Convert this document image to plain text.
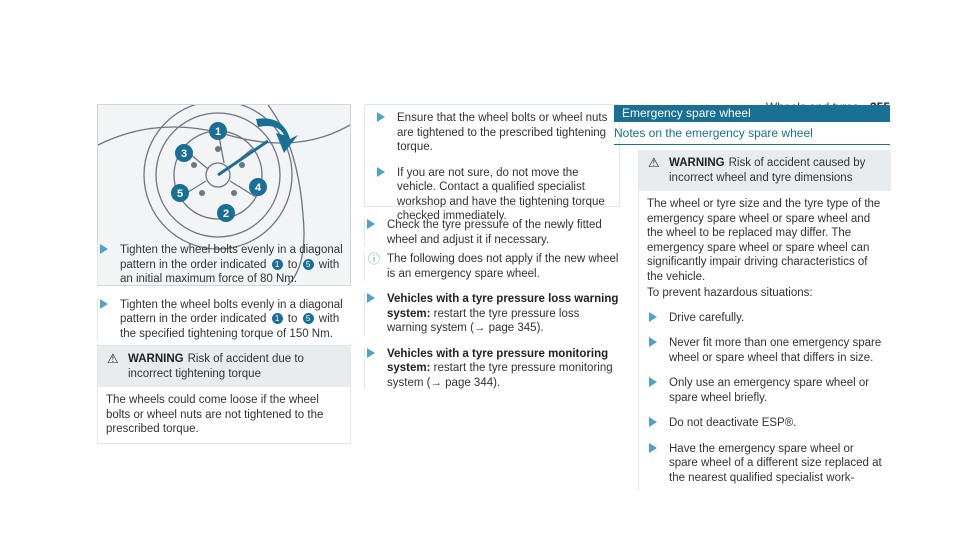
1
2
3
4
5
Tighten the wheel bolts evenly in a diagonal pattern in the order indicated 1 to 5 with an initial maximum force of 80 Nm.
Tighten the wheel bolts evenly in a diagonal pattern in the order indicated 1 to 5 with the specified tightening torque of 150 Nm.
⚠ WARNING Risk of accident due to incorrect tightening torque
The wheels could come loose if the wheel bolts or wheel nuts are not tightened to the prescribed torque.
Ensure that the wheel bolts or wheel nuts are tightened to the prescribed tightening torque.
If you are not sure, do not move the vehicle. Contact a qualified specialist workshop and have the tightening torque checked immediately.
Check the tyre pressure of the newly fitted wheel and adjust it if necessary.
ⓘ The following does not apply if the new wheel is an emergency spare wheel.
Vehicles with a tyre pressure loss warning system: restart the tyre pressure loss warning system (→ page 345).
Vehicles with a tyre pressure monitoring system: restart the tyre pressure monitoring system (→ page 344).
Emergency spare wheel
Notes on the emergency spare wheel
⚠ WARNING Risk of accident caused by incorrect wheel and tyre dimensions
The wheel or tyre size and the tyre type of the emergency spare wheel or spare wheel and the wheel to be replaced may differ. The emergency spare wheel or spare wheel can significantly impair driving characteristics of the vehicle.
To prevent hazardous situations:
Drive carefully.
Never fit more than one emergency spare wheel or spare wheel that differs in size.
Only use an emergency spare wheel or spare wheel briefly.
Do not deactivate ESP®.
Have the emergency spare wheel or spare wheel of a different size replaced at the nearest qualified specialist work-
